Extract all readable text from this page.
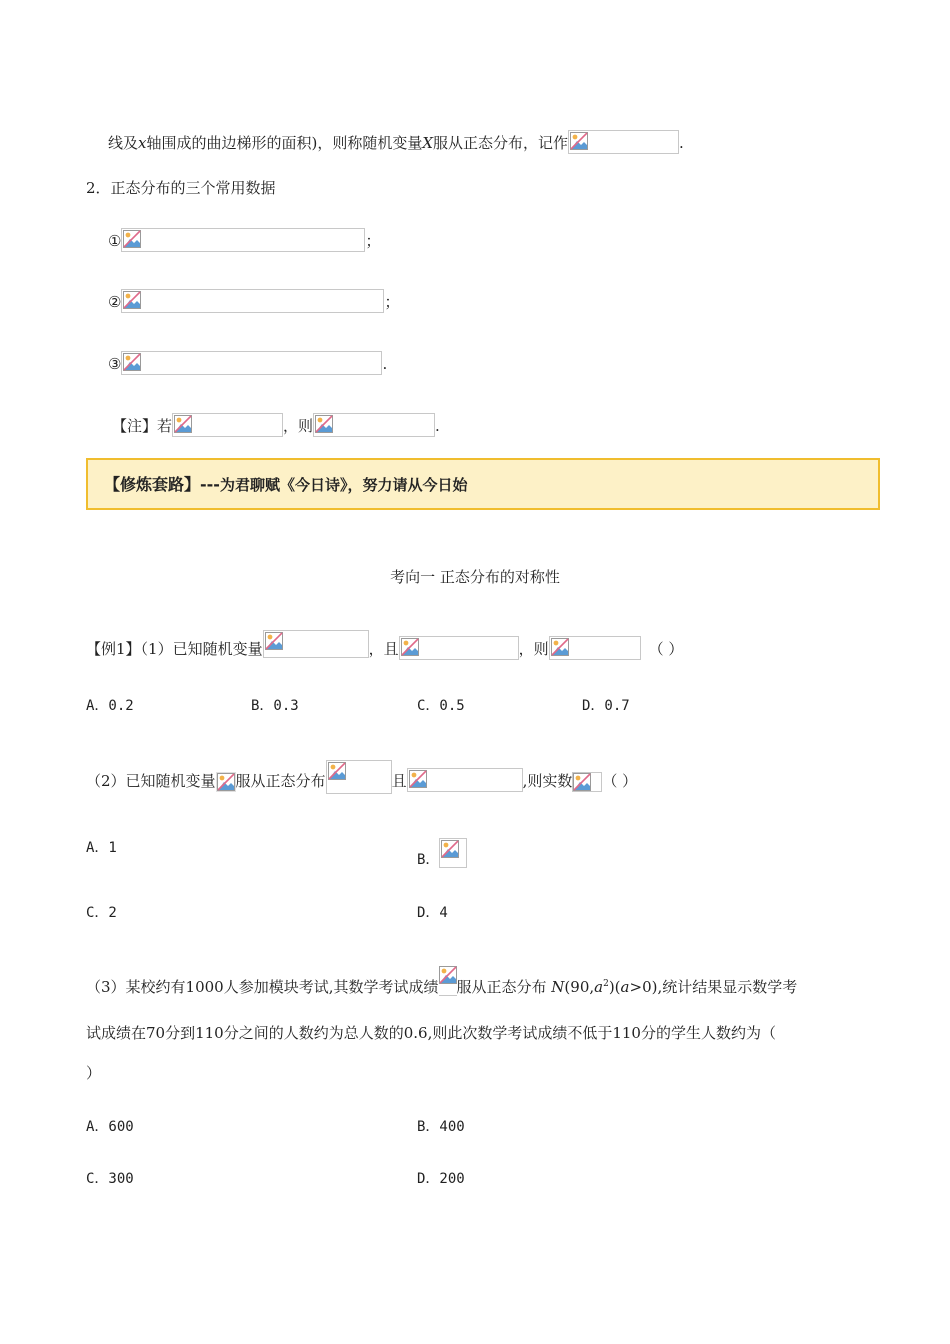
线及x轴围成的曲边梯形的面积)，则称随机变量X服从正态分布，记作	.
2．正态分布的三个常用数据
①	；
②	；
③	.
【注】若	，则	.
【修炼套路】---为君聊赋《今日诗》，努力请从今日始
考向一 正态分布的对称性
【例1】（1）已知随机变量	，且	，则	（ ）
A．0.2	B．0.3	C．0.5	D．0.7
（2）已知随机变量 服从正态分布	且	,则实数 （ ）
A．1
B．
C．2	D．4
（3）某校约有1000人参加模块考试,其数学考试成绩 服从正态分布 $N(90,a^2)(a>0)$,统计结果显示数学考
试成绩在70分到110分之间的人数约为总人数的0.6,则此次数学考试成绩不低于110分的学生人数约为（
）
A．600	B．400
C．300	D．200
